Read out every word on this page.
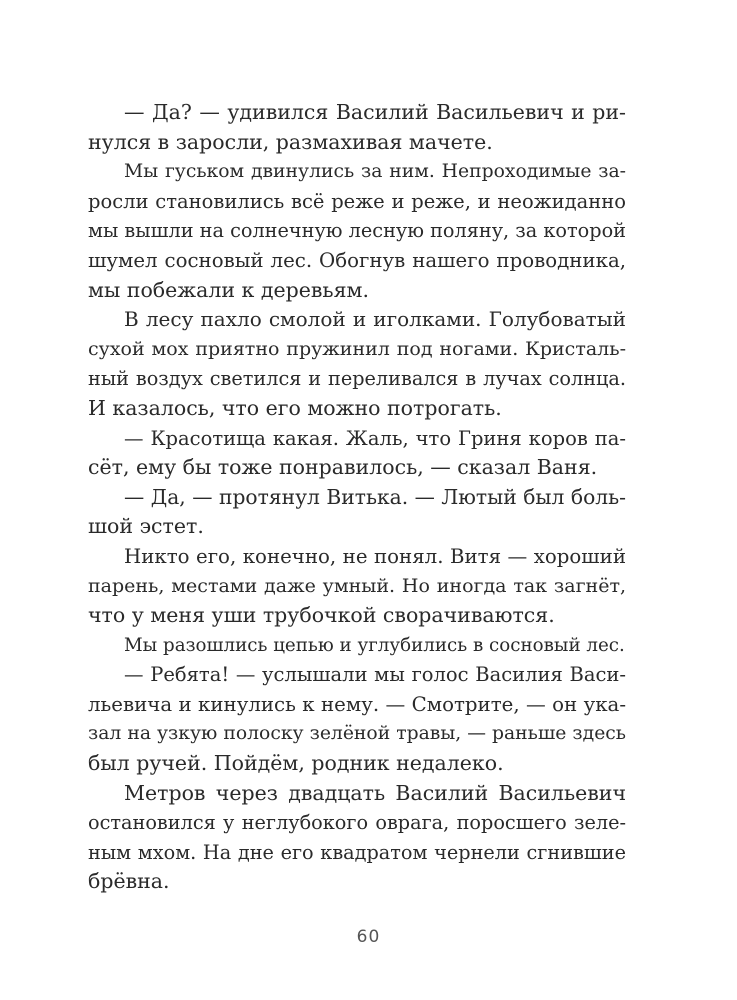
— Да? — удивился Василий Васильевич и ри-
нулся в заросли, размахивая мачете.
Мы гуськом двинулись за ним. Непроходимые за-
росли становились всё реже и реже, и неожиданно
мы вышли на солнечную лесную поляну, за которой
шумел сосновый лес. Обогнув нашего проводника,
мы побежали к деревьям.
В лесу пахло смолой и иголками. Голубоватый
сухой мох приятно пружинил под ногами. Кристаль-
ный воздух светился и переливался в лучах солнца.
И казалось, что его можно потрогать.
— Красотища какая. Жаль, что Гриня коров па-
сёт, ему бы тоже понравилось, — сказал Ваня.
— Да, — протянул Витька. — Лютый был боль-
шой эстет.
Никто его, конечно, не понял. Витя — хороший
парень, местами даже умный. Но иногда так загнёт,
что у меня уши трубочкой сворачиваются.
Мы разошлись цепью и углубились в сосновый лес.
— Ребята! — услышали мы голос Василия Васи-
льевича и кинулись к нему. — Смотрите, — он ука-
зал на узкую полоску зелёной травы, — раньше здесь
был ручей. Пойдём, родник недалеко.
Метров через двадцать Василий Васильевич
остановился у неглубокого оврага, поросшего зеле-
ным мхом. На дне его квадратом чернели сгнившие
брёвна.
60
